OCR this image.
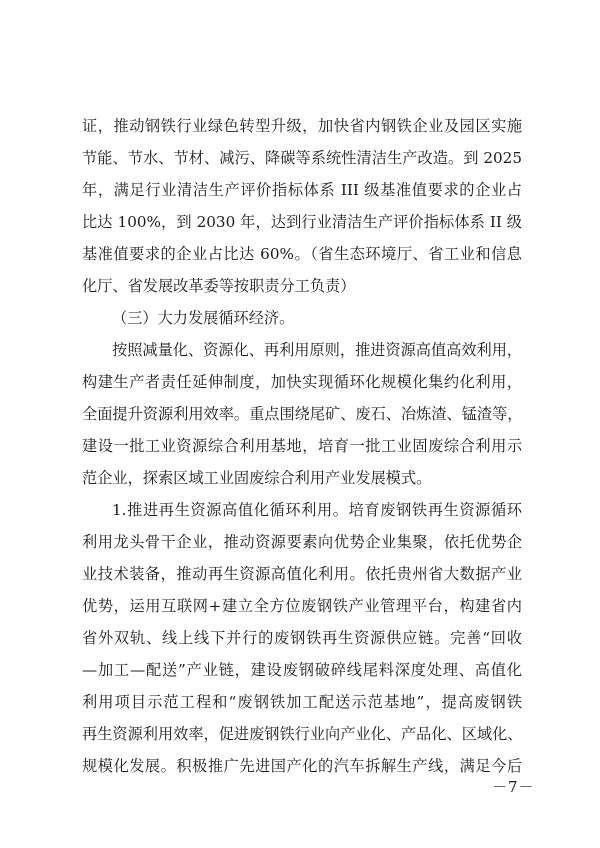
证，推动钢铁行业绿色转型升级，加快省内钢铁企业及园区实施
节能、节水、节材、减污、降碳等系统性清洁生产改造。到 2025
年，满足行业清洁生产评价指标体系 III 级基准值要求的企业占
比达 100%，到 2030 年，达到行业清洁生产评价指标体系 II 级
基准值要求的企业占比达 60%。（省生态环境厅、省工业和信息
化厅、省发展改革委等按职责分工负责）
（三）大力发展循环经济。
按照减量化、资源化、再利用原则，推进资源高值高效利用，
构建生产者责任延伸制度，加快实现循环化规模化集约化利用，
全面提升资源利用效率。重点围绕尾矿、废石、冶炼渣、锰渣等，
建设一批工业资源综合利用基地，培育一批工业固废综合利用示
范企业，探索区域工业固废综合利用产业发展模式。
1.推进再生资源高值化循环利用。培育废钢铁再生资源循环
利用龙头骨干企业，推动资源要素向优势企业集聚，依托优势企
业技术装备，推动再生资源高值化利用。依托贵州省大数据产业
优势，运用互联网+建立全方位废钢铁产业管理平台，构建省内
省外双轨、线上线下并行的废钢铁再生资源供应链。完善“回收
—加工—配送”产业链，建设废钢破碎线尾料深度处理、高值化
利用项目示范工程和“废钢铁加工配送示范基地”，提高废钢铁
再生资源利用效率，促进废钢铁行业向产业化、产品化、区域化、
规模化发展。积极推广先进国产化的汽车拆解生产线，满足今后
－7－
